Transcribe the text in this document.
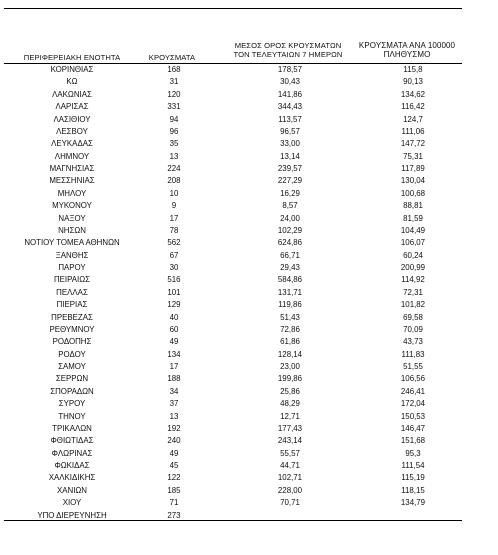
ΠΕΡΙΦΕΡΕΙΑΚΗ ΕΝΟΤΗΤΑ	ΚΡΟΥΣΜΑΤΑ
ΜΕΣΟΣ ΟΡΟΣ ΚΡΟΥΣΜΑΤΩΝ
ΤΟΝ ΤΕΛΕΥΤΑΙΩΝ 7 ΗΜΕΡΩΝ
ΚΡΟΥΣΜΑΤΑ ΑΝΑ 100000
ΠΛΗΘΥΣΜΟ
ΚΟΡΙΝΘΙΑΣ	168	178,57	115,8
ΚΩ	31	30,43	90,13
ΛΑΚΩΝΙΑΣ	120	141,86	134,62
ΛΑΡΙΣΑΣ	331	344,43	116,42
ΛΑΣΙΘΙΟΥ	94	113,57	124,7
ΛΕΣΒΟΥ	96	96,57	111,06
ΛΕΥΚΑΔΑΣ	35	33,00	147,72
ΛΗΜΝΟΥ	13	13,14	75,31
ΜΑΓΝΗΣΙΑΣ	224	239,57	117,89
ΜΕΣΣΗΝΙΑΣ	208	227,29	130,04
ΜΗΛΟΥ	10	16,29	100,68
ΜΥΚΟΝΟΥ	9	8,57	88,81
ΝΑΞΟΥ	17	24,00	81,59
ΝΗΣΩΝ	78	102,29	104,49
ΝΟΤΙΟΥ ΤΟΜΕΑ ΑΘΗΝΩΝ	562	624,86	106,07
ΞΑΝΘΗΣ	67	66,71	60,24
ΠΑΡΟΥ	30	29,43	200,99
ΠΕΙΡΑΙΩΣ	516	584,86	114,92
ΠΕΛΛΑΣ	101	131,71	72,31
ΠΙΕΡΙΑΣ	129	119,86	101,82
ΠΡΕΒΕΖΑΣ	40	51,43	69,58
ΡΕΘΥΜΝΟΥ	60	72,86	70,09
ΡΟΔΟΠΗΣ	49	61,86	43,73
ΡΟΔΟΥ	134	128,14	111,83
ΣΑΜΟΥ	17	23,00	51,55
ΣΕΡΡΩΝ	188	199,86	106,56
ΣΠΟΡΑΔΩΝ	34	25,86	246,41
ΣΥΡΟΥ	37	48,29	172,04
ΤΗΝΟΥ	13	12,71	150,53
ΤΡΙΚΑΛΩΝ	192	177,43	146,47
ΦΘΙΩΤΙΔΑΣ	240	243,14	151,68
ΦΛΩΡΙΝΑΣ	49	55,57	95,3
ΦΩΚΙΔΑΣ	45	44,71	111,54
ΧΑΛΚΙΔΙΚΗΣ	122	102,71	115,19
ΧΑΝΙΩΝ	185	228,00	118,15
ΧΙΟΥ	71	70,71	134,79
ΥΠΟ ΔΙΕΡΕΥΝΗΣΗ	273
